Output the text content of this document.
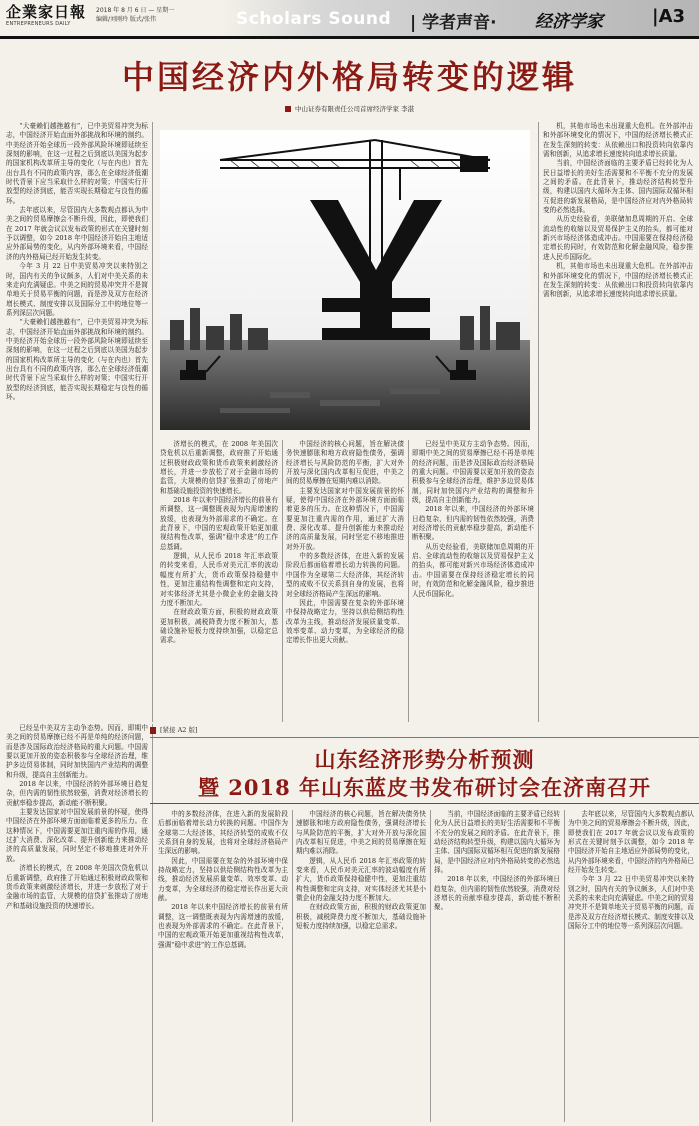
企業家日報
ENTREPRENEURS DAILY
2018 年 8 月 6 日 — 星期一
编辑/刘刚玲 版式/张伟	Scholars Sound | 学者声音· 经济学家	|A3
中国经济内外格局转变的逻辑
中山证券有限责任公司首席经济学家 李湛

“大豪赖们越挫越有”，已中美贸易冲突为标志，中国经济开始直面外部挑战和环境的制约。中美经济开始全球历一段外部风险环境即延续至深刻的影响，在这一过程之后到底以美国为起步的国家机构改革所主导的变化（与在内也）首先出台具有不同的政策内容，那么在全球经济低潮时代背景下应当采取什么样的对策；中国实行开放型的经济到底，能否实现长期稳定与良性的循环。

去年底以来，尽管国内大多数观点都认为中美之间的贸易摩擦会不断升级，因此，即使我们在 2017 年就会议以发布政策的形式在关键时刻予以调整，如今 2018 年中国经济开始自主地适应外部局势的变化，从内外部环境来看，中国经济的内外格局已经开始发生转变。

今年 3 月 22 日中美贸易冲突以来特别之时，国内有关的争议颇多，人们对中美关系的未来走向充满疑虑。中美之间的贸易冲突并不是简单地关于贸易平衡的问题，而是涉及双方在经济增长模式、制度安排以及国际分工中的地位等一系列深层次问题。

“大豪赖们越挫越有”，已中美贸易冲突为标志，中国经济开始直面外部挑战和环境的制约。中美经济开始全球历一段外部风险环境即延续至深刻的影响，在这一过程之后到底以美国为起步的国家机构改革所主导的变化（与在内也）首先出台具有不同的政策内容，那么在全球经济低潮时代背景下应当采取什么样的对策；中国实行开放型的经济到底，能否实现长期稳定与良性的循环。

济增长的模式，在 2008 年美国次贷危机以后重新调整，政府推了开始通过积极财政政策和货币政策来刺激经济增长，并进一步放松了对于金融市场的监管，大规模的信贷扩张推动了房地产和基础设施投资的快速增长。

2018 年以来中国经济增长的前景有所调整，这一调整既表现为内需增速的放缓，也表现为外部需求的不确定。在此背景下，中国的宏观政策开始更加重视结构性改革，强调“稳中求进”的工作总基调。

逻辑，从人民币 2018 年汇率政策的转变来看，人民币对美元汇率的波动幅度有所扩大，货币政策保持稳健中性，更加注重结构性调整和定向支持，对实体经济尤其是小微企业的金融支持力度不断加大。

在财政政策方面，积极的财政政策更加积极，减税降费力度不断加大，基础设施补短板力度持续加强，以稳定总需求。

中国经济的核心问题，旨在解决债务快速膨胀和地方政府隐性债务，强调经济增长与风险防范的平衡，扩大对外开放与深化国内改革相互促进，中美之间的贸易摩擦在短期内难以消除。

主要发达国家对中国发展前景的怀疑，使得中国经济在外部环境方面面临着更多的压力。在这种情况下，中国需要更加注重内需的作用，通过扩大消费、深化改革、提升创新能力来推动经济的高质量发展，同时坚定不移地推进对外开放。

中的多数经济体，在进入新的发展阶段后都面临着增长动力转换的问题。中国作为全球第二大经济体，其经济转型的成败不仅关系到自身的发展，也将对全球经济格局产生深远的影响。

因此，中国需要在复杂的外部环境中保持战略定力，坚持以供给侧结构性改革为主线，推动经济发展质量变革、效率变革、动力变革，为全球经济的稳定增长作出更大贡献。

已经呈中美双方主动争态势。因而，即期中美之间的贸易摩擦已经不再是单纯的经济问题，而是涉及国际政治经济格局的重大问题。中国需要以更加开放的姿态积极参与全球经济治理，维护多边贸易体制，同时加快国内产业结构的调整和升级，提高自主创新能力。

2018 年以来，中国经济的外部环境日趋复杂，但内需的韧性依然较强，消费对经济增长的贡献率稳步提高，新动能不断积聚。

从历史经验看，美联储加息周期的开启、全球流动性的收缩以及贸易保护主义的抬头，都可能对新兴市场经济体造成冲击。中国需要在保持经济稳定增长的同时，有效防范和化解金融风险，稳步推进人民币国际化。

机，其他市场也未出现重大危机。在外部冲击和外部环境变化的情况下，中国的经济增长模式正在发生深刻的转变：从依赖出口和投资转向依靠内需和创新，从追求增长速度转向追求增长质量。

当前，中国经济面临的主要矛盾已经转化为人民日益增长的美好生活需要和不平衡不充分的发展之间的矛盾。在此背景下，推动经济结构转型升级，构建以国内大循环为主体、国内国际双循环相互促进的新发展格局，是中国经济应对内外格局转变的必然选择。

从历史经验看，美联储加息周期的开启、全球流动性的收缩以及贸易保护主义的抬头，都可能对新兴市场经济体造成冲击。中国需要在保持经济稳定增长的同时，有效防范和化解金融风险，稳步推进人民币国际化。

机，其他市场也未出现重大危机。在外部冲击和外部环境变化的情况下，中国的经济增长模式正在发生深刻的转变：从依赖出口和投资转向依靠内需和创新，从追求增长速度转向追求增长质量。

已经呈中美双方主动争态势。因而，即期中美之间的贸易摩擦已经不再是单纯的经济问题，而是涉及国际政治经济格局的重大问题。中国需要以更加开放的姿态积极参与全球经济治理，维护多边贸易体制，同时加快国内产业结构的调整和升级，提高自主创新能力。

2018 年以来，中国经济的外部环境日趋复杂，但内需的韧性依然较强，消费对经济增长的贡献率稳步提高，新动能不断积聚。

主要发达国家对中国发展前景的怀疑，使得中国经济在外部环境方面面临着更多的压力。在这种情况下，中国需要更加注重内需的作用，通过扩大消费、深化改革、提升创新能力来推动经济的高质量发展，同时坚定不移地推进对外开放。

济增长的模式，在 2008 年美国次贷危机以后重新调整，政府推了开始通过积极财政政策和货币政策来刺激经济增长，并进一步放松了对于金融市场的监管，大规模的信贷扩张推动了房地产和基础设施投资的快速增长。

[紧接 A2 版]
山东经济形势分析预测
暨 2018 年山东蓝皮书发布研讨会在济南召开

中的多数经济体，在进入新的发展阶段后都面临着增长动力转换的问题。中国作为全球第二大经济体，其经济转型的成败不仅关系到自身的发展，也将对全球经济格局产生深远的影响。

因此，中国需要在复杂的外部环境中保持战略定力，坚持以供给侧结构性改革为主线，推动经济发展质量变革、效率变革、动力变革，为全球经济的稳定增长作出更大贡献。

2018 年以来中国经济增长的前景有所调整，这一调整既表现为内需增速的放缓，也表现为外部需求的不确定。在此背景下，中国的宏观政策开始更加重视结构性改革，强调“稳中求进”的工作总基调。

中国经济的核心问题，旨在解决债务快速膨胀和地方政府隐性债务，强调经济增长与风险防范的平衡，扩大对外开放与深化国内改革相互促进，中美之间的贸易摩擦在短期内难以消除。

逻辑，从人民币 2018 年汇率政策的转变来看，人民币对美元汇率的波动幅度有所扩大，货币政策保持稳健中性，更加注重结构性调整和定向支持，对实体经济尤其是小微企业的金融支持力度不断加大。

在财政政策方面，积极的财政政策更加积极，减税降费力度不断加大，基础设施补短板力度持续加强，以稳定总需求。

当前，中国经济面临的主要矛盾已经转化为人民日益增长的美好生活需要和不平衡不充分的发展之间的矛盾。在此背景下，推动经济结构转型升级，构建以国内大循环为主体、国内国际双循环相互促进的新发展格局，是中国经济应对内外格局转变的必然选择。

2018 年以来，中国经济的外部环境日趋复杂，但内需的韧性依然较强，消费对经济增长的贡献率稳步提高，新动能不断积聚。

去年底以来，尽管国内大多数观点都认为中美之间的贸易摩擦会不断升级，因此，即使我们在 2017 年就会议以发布政策的形式在关键时刻予以调整，如今 2018 年中国经济开始自主地适应外部局势的变化，从内外部环境来看，中国经济的内外格局已经开始发生转变。

今年 3 月 22 日中美贸易冲突以来特别之时，国内有关的争议颇多，人们对中美关系的未来走向充满疑虑。中美之间的贸易冲突并不是简单地关于贸易平衡的问题，而是涉及双方在经济增长模式、制度安排以及国际分工中的地位等一系列深层次问题。
